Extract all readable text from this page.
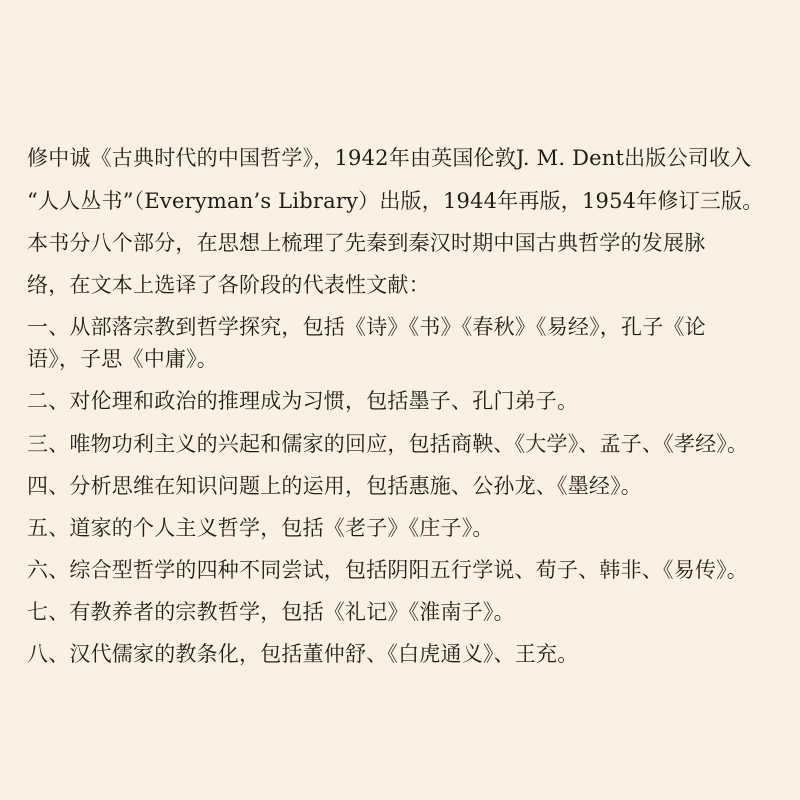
修中诚《古典时代的中国哲学》，1942年由英国伦敦J. M. Dent出版公司收入
“人人丛书”（Everyman’s Library）出版，1944年再版，1954年修订三版。
本书分八个部分，在思想上梳理了先秦到秦汉时期中国古典哲学的发展脉
络，在文本上选译了各阶段的代表性文献：
一、从部落宗教到哲学探究，包括《诗》《书》《春秋》《易经》，孔子《论
语》，子思《中庸》。
二、对伦理和政治的推理成为习惯，包括墨子、孔门弟子。
三、唯物功利主义的兴起和儒家的回应，包括商鞅、《大学》、孟子、《孝经》。
四、分析思维在知识问题上的运用，包括惠施、公孙龙、《墨经》。
五、道家的个人主义哲学，包括《老子》《庄子》。
六、综合型哲学的四种不同尝试，包括阴阳五行学说、荀子、韩非、《易传》。
七、有教养者的宗教哲学，包括《礼记》《淮南子》。
八、汉代儒家的教条化，包括董仲舒、《白虎通义》、王充。
